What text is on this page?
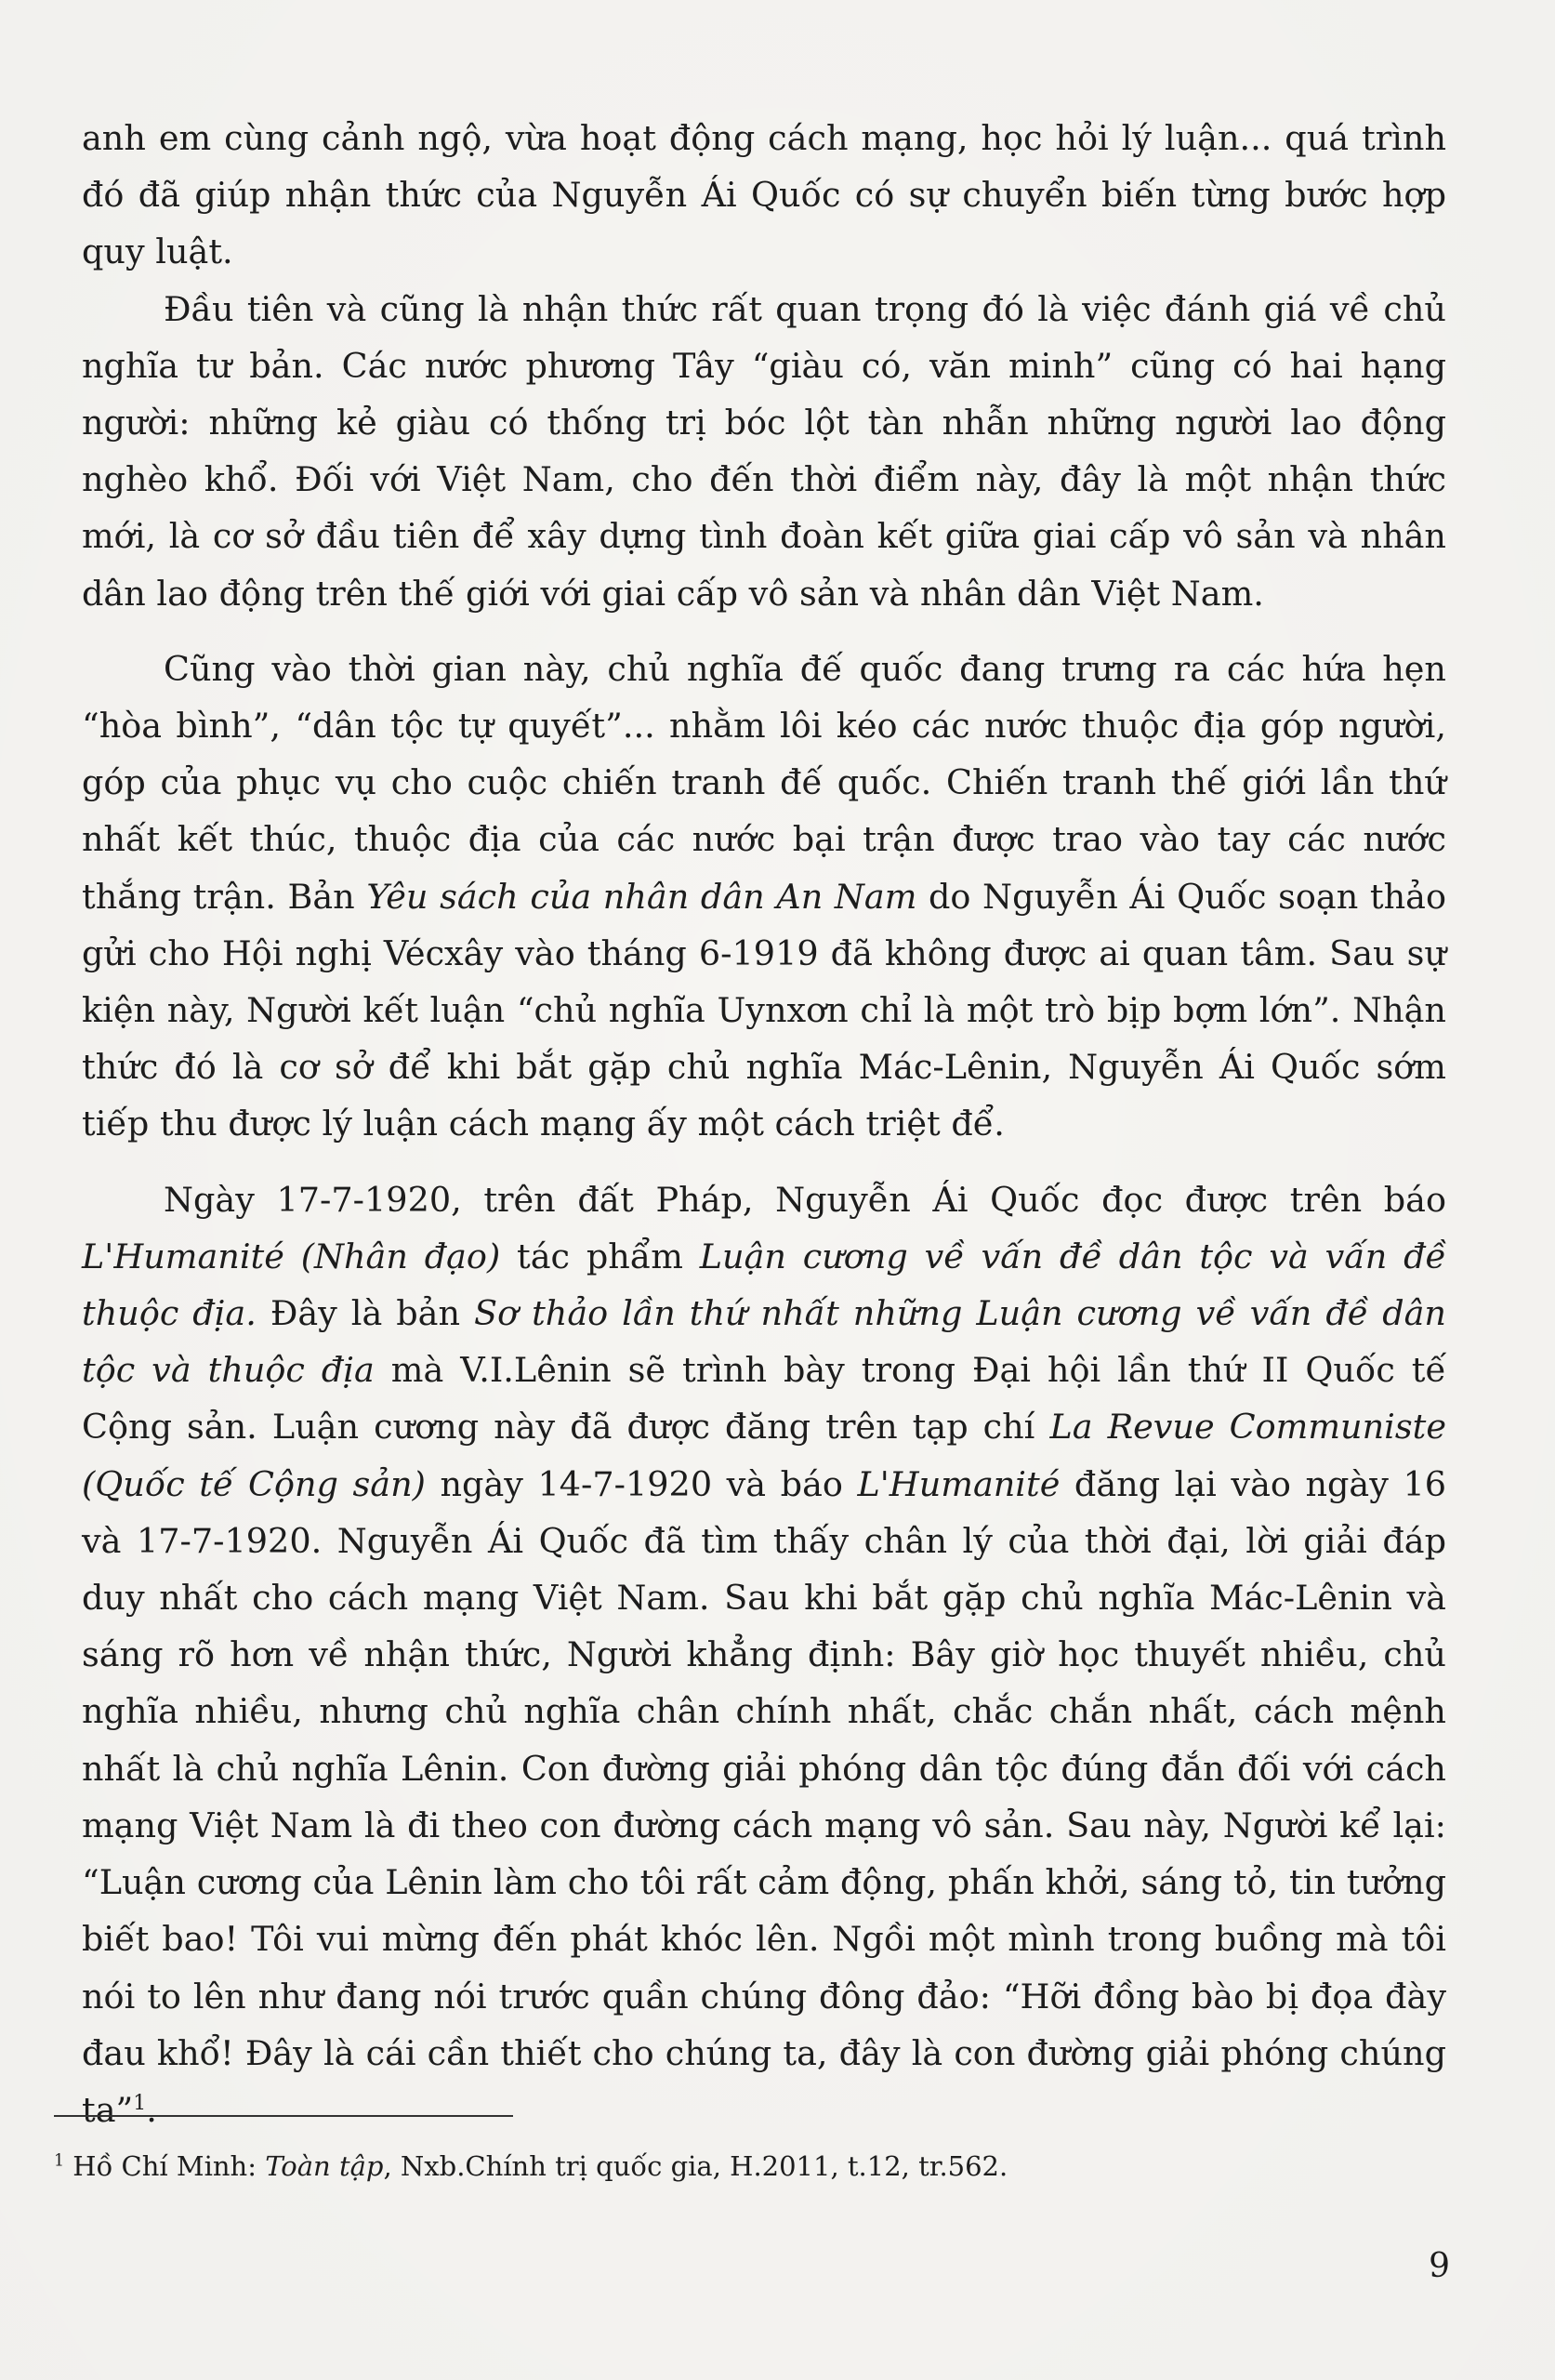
anh em cùng cảnh ngộ, vừa hoạt động cách mạng, học hỏi lý luận... quá trình đó đã giúp nhận thức của Nguyễn Ái Quốc có sự chuyển biến từng bước hợp quy luật.

Đầu tiên và cũng là nhận thức rất quan trọng đó là việc đánh giá về chủ nghĩa tư bản. Các nước phương Tây “giàu có, văn minh” cũng có hai hạng người: những kẻ giàu có thống trị bóc lột tàn nhẫn những người lao động nghèo khổ. Đối với Việt Nam, cho đến thời điểm này, đây là một nhận thức mới, là cơ sở đầu tiên để xây dựng tình đoàn kết giữa giai cấp vô sản và nhân dân lao động trên thế giới với giai cấp vô sản và nhân dân Việt Nam.

Cũng vào thời gian này, chủ nghĩa đế quốc đang trưng ra các hứa hẹn “hòa bình”, “dân tộc tự quyết”... nhằm lôi kéo các nước thuộc địa góp người, góp của phục vụ cho cuộc chiến tranh đế quốc. Chiến tranh thế giới lần thứ nhất kết thúc, thuộc địa của các nước bại trận được trao vào tay các nước thắng trận. Bản Yêu sách của nhân dân An Nam do Nguyễn Ái Quốc soạn thảo gửi cho Hội nghị Vécxây vào tháng 6-1919 đã không được ai quan tâm. Sau sự kiện này, Người kết luận “chủ nghĩa Uynxơn chỉ là một trò bịp bợm lớn”. Nhận thức đó là cơ sở để khi bắt gặp chủ nghĩa Mác-Lênin, Nguyễn Ái Quốc sớm tiếp thu được lý luận cách mạng ấy một cách triệt để.

Ngày 17-7-1920, trên đất Pháp, Nguyễn Ái Quốc đọc được trên báo L'Humanité (Nhân đạo) tác phẩm Luận cương về vấn đề dân tộc và vấn đề thuộc địa. Đây là bản Sơ thảo lần thứ nhất những Luận cương về vấn đề dân tộc và thuộc địa mà V.I.Lênin sẽ trình bày trong Đại hội lần thứ II Quốc tế Cộng sản. Luận cương này đã được đăng trên tạp chí La Revue Communiste (Quốc tế Cộng sản) ngày 14-7-1920 và báo L'Humanité đăng lại vào ngày 16 và 17-7-1920. Nguyễn Ái Quốc đã tìm thấy chân lý của thời đại, lời giải đáp duy nhất cho cách mạng Việt Nam. Sau khi bắt gặp chủ nghĩa Mác-Lênin và sáng rõ hơn về nhận thức, Người khẳng định: Bây giờ học thuyết nhiều, chủ nghĩa nhiều, nhưng chủ nghĩa chân chính nhất, chắc chắn nhất, cách mệnh nhất là chủ nghĩa Lênin. Con đường giải phóng dân tộc đúng đắn đối với cách mạng Việt Nam là đi theo con đường cách mạng vô sản. Sau này, Người kể lại: “Luận cương của Lênin làm cho tôi rất cảm động, phấn khởi, sáng tỏ, tin tưởng biết bao! Tôi vui mừng đến phát khóc lên. Ngồi một mình trong buồng mà tôi nói to lên như đang nói trước quần chúng đông đảo: “Hỡi đồng bào bị đọa đày đau khổ! Đây là cái cần thiết cho chúng ta, đây là con đường giải phóng chúng ta”$^1$.

$^1$ Hồ Chí Minh: Toàn tập, Nxb.Chính trị quốc gia, H.2011, t.12, tr.562.
9
